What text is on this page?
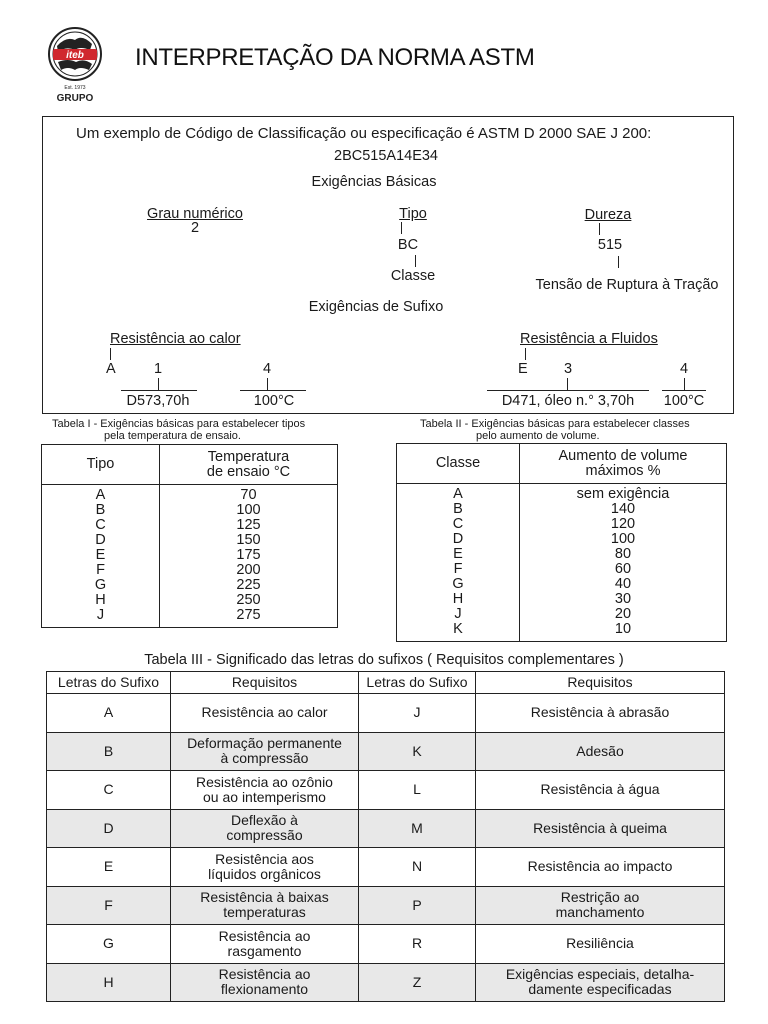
iteb
Est. 1973
GRUPO
INTERPRETAÇÃO DA NORMA ASTM
Um exemplo de Código de Classificação ou especificação é ASTM D 2000 SAE J 200:
2BC515A14E34
Exigências Básicas
Grau numérico
2
Tipo
BC
Classe
Dureza
515
Tensão de Ruptura à Tração
Exigências de Sufixo
Resistência ao calor
A	1
D573,70h
4
100°C
Resistência a Fluidos
E	3
D471, óleo n.° 3,70h
4
100°C
Tabela I - Exigências básicas para estabelecer tipos
pela temperatura de ensaio.
Tipo	Temperatura
de ensaio °C

A	70
B	100
C	125
D	150
E	175
F	200
G	225
H	250
J	275
Tabela II - Exigências básicas para estabelecer classes
pelo aumento de volume.
Classe	Aumento de volume
máximos %

A	sem exigência
B	140
C	120
D	100
E	80
F	60
G	40
H	30
J	20
K	10
Tabela III - Significado das letras do sufixos ( Requisitos complementares )
Letras do Sufixo	Requisitos	Letras do Sufixo	Requisitos
A	Resistência ao calor	J	Resistência à abrasão
B	Deformação permanente
à compressão	K	Adesão
C	Resistência ao ozônio
ou ao intemperismo	L	Resistência à água
D	Deflexão à
compressão	M	Resistência à queima
E	Resistência aos
líquidos orgânicos	N	Resistência ao impacto
F	Resistência à baixas
temperaturas	P	Restrição ao
manchamento
G	Resistência ao
rasgamento	R	Resiliência
H	Resistência ao
flexionamento	Z	Exigências especiais, detalha-
damente especificadas
